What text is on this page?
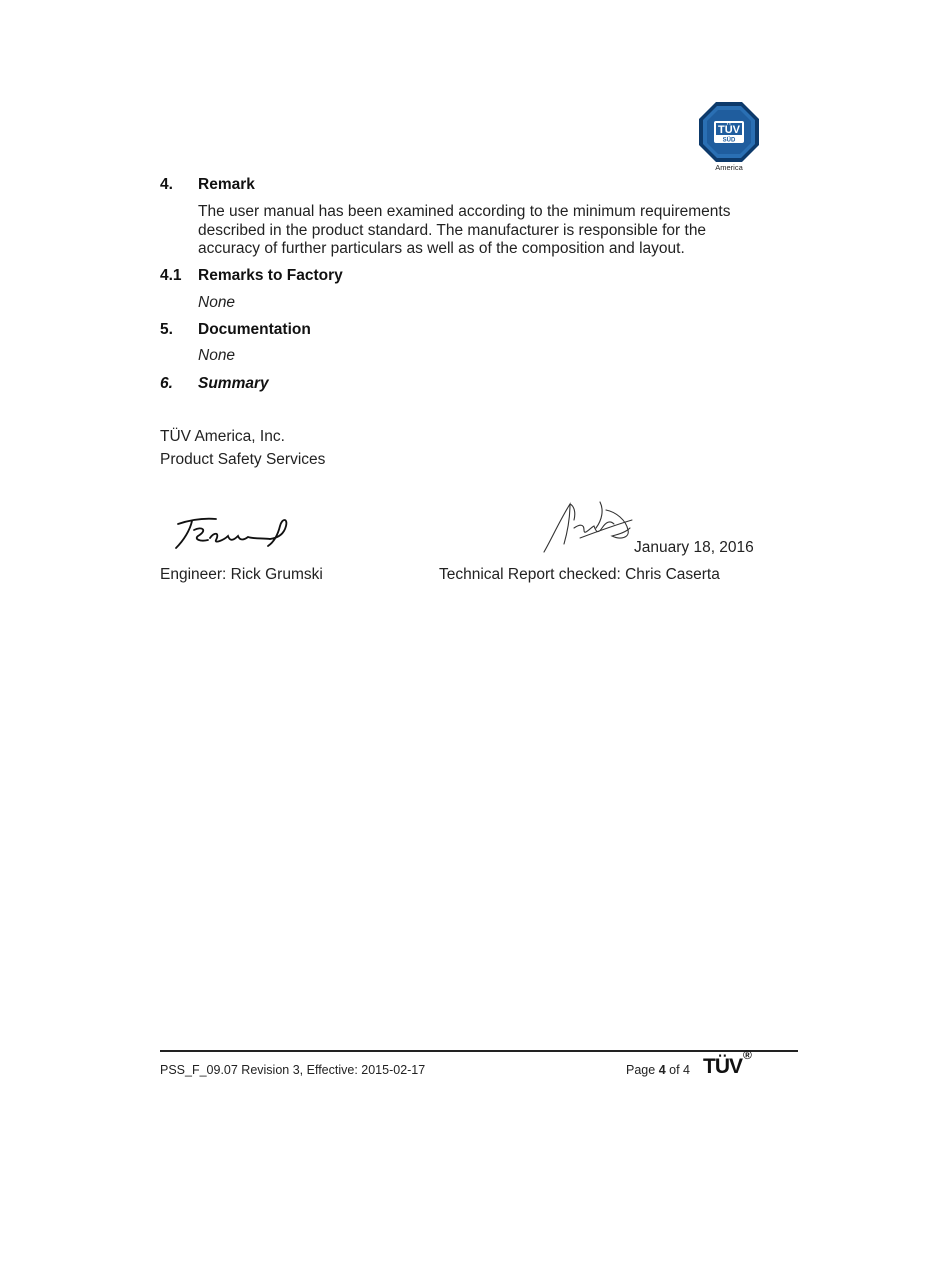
TÜV
SÜD
America
4. Remark
The user manual has been examined according to the minimum requirements
described in the product standard. The manufacturer is responsible for the
accuracy of further particulars as well as of the composition and layout.
4.1 Remarks to Factory
None
5. Documentation
None
6. Summary
TÜV America, Inc.
Product Safety Services
January 18, 2016
Engineer: Rick Grumski	Technical Report checked: Chris Caserta
PSS_F_09.07 Revision 3, Effective: 2015-02-17	Page 4 of 4 TÜV ®
